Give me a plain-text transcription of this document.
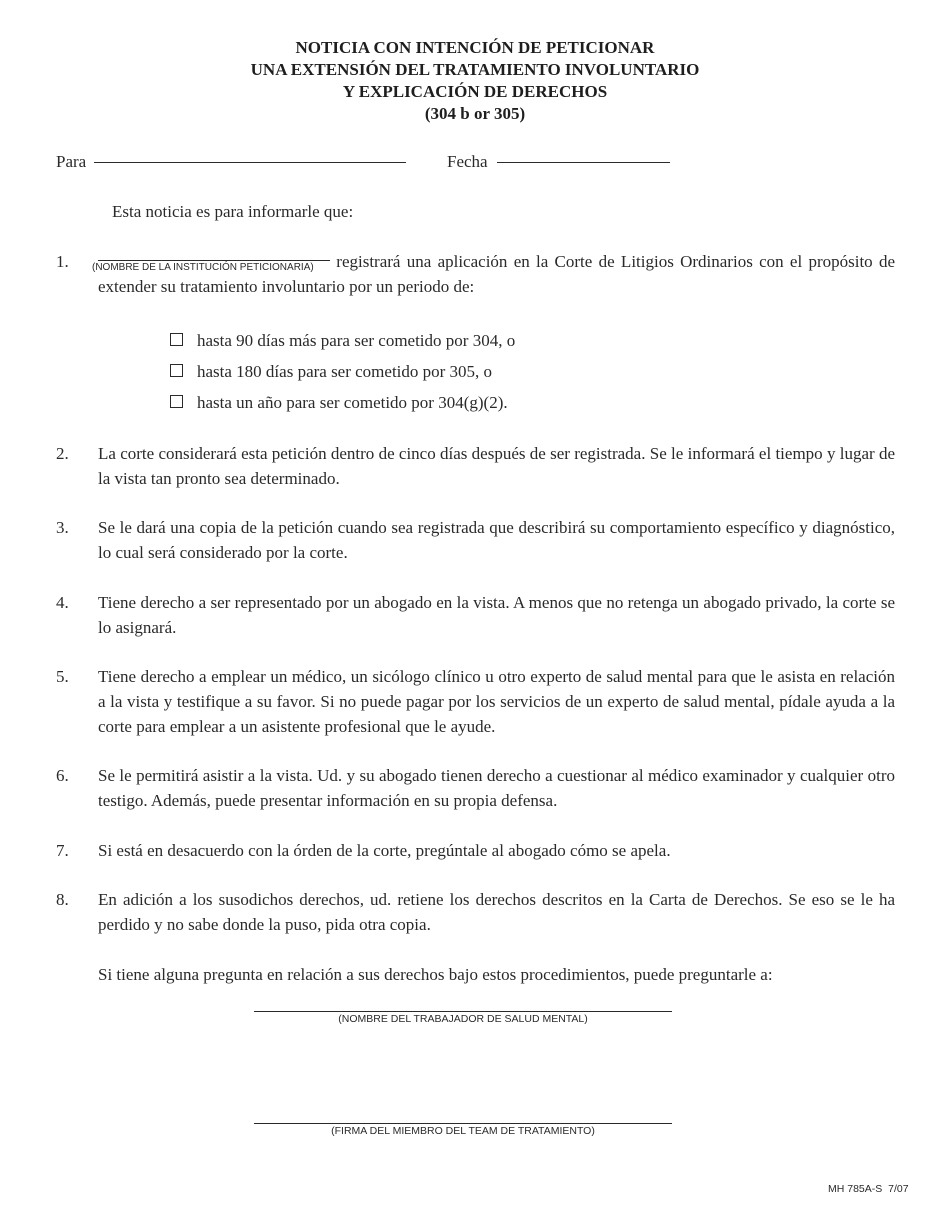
NOTICIA CON INTENCIÓN DE PETICIONAR
UNA EXTENSIÓN DEL TRATAMIENTO INVOLUNTARIO
Y EXPLICACIÓN DE DERECHOS
(304 b or 305)
Para	Fecha
Esta noticia es para informarle que:
1.	(NOMBRE DE LA INSTITUCIÓN PETICIONARIA) registrará una aplicación en la Corte de Litigios Ordinarios con el propósito de extender su tratamiento involuntario por un periodo de:
hasta 90 días más para ser cometido por 304, o
hasta 180 días para ser cometido por 305, o
hasta un año para ser cometido por 304(g)(2).
2.	La corte considerará esta petición dentro de cinco días después de ser registrada. Se le informará el tiempo y lugar de la vista tan pronto sea determinado.
3.	Se le dará una copia de la petición cuando sea registrada que describirá su comportamiento específico y diagnóstico, lo cual será considerado por la corte.
4.	Tiene derecho a ser representado por un abogado en la vista. A menos que no retenga un abogado privado, la corte se lo asignará.
5.	Tiene derecho a emplear un médico, un sicólogo clínico u otro experto de salud mental para que le asista en relación a la vista y testifique a su favor. Si no puede pagar por los servicios de un experto de salud mental, pídale ayuda a la corte para emplear a un asistente profesional que le ayude.
6.	Se le permitirá asistir a la vista. Ud. y su abogado tienen derecho a cuestionar al médico examinador y cualquier otro testigo. Además, puede presentar información en su propia defensa.
7.	Si está en desacuerdo con la órden de la corte, pregúntale al abogado cómo se apela.
8.	En adición a los susodichos derechos, ud. retiene los derechos descritos en la Carta de Derechos. Se eso se le ha perdido y no sabe donde la puso, pida otra copia.
Si tiene alguna pregunta en relación a sus derechos bajo estos procedimientos, puede preguntarle a:
(NOMBRE DEL TRABAJADOR DE SALUD MENTAL)
(FIRMA DEL MIEMBRO DEL TEAM DE TRATAMIENTO)
MH 785A-S 7/07
